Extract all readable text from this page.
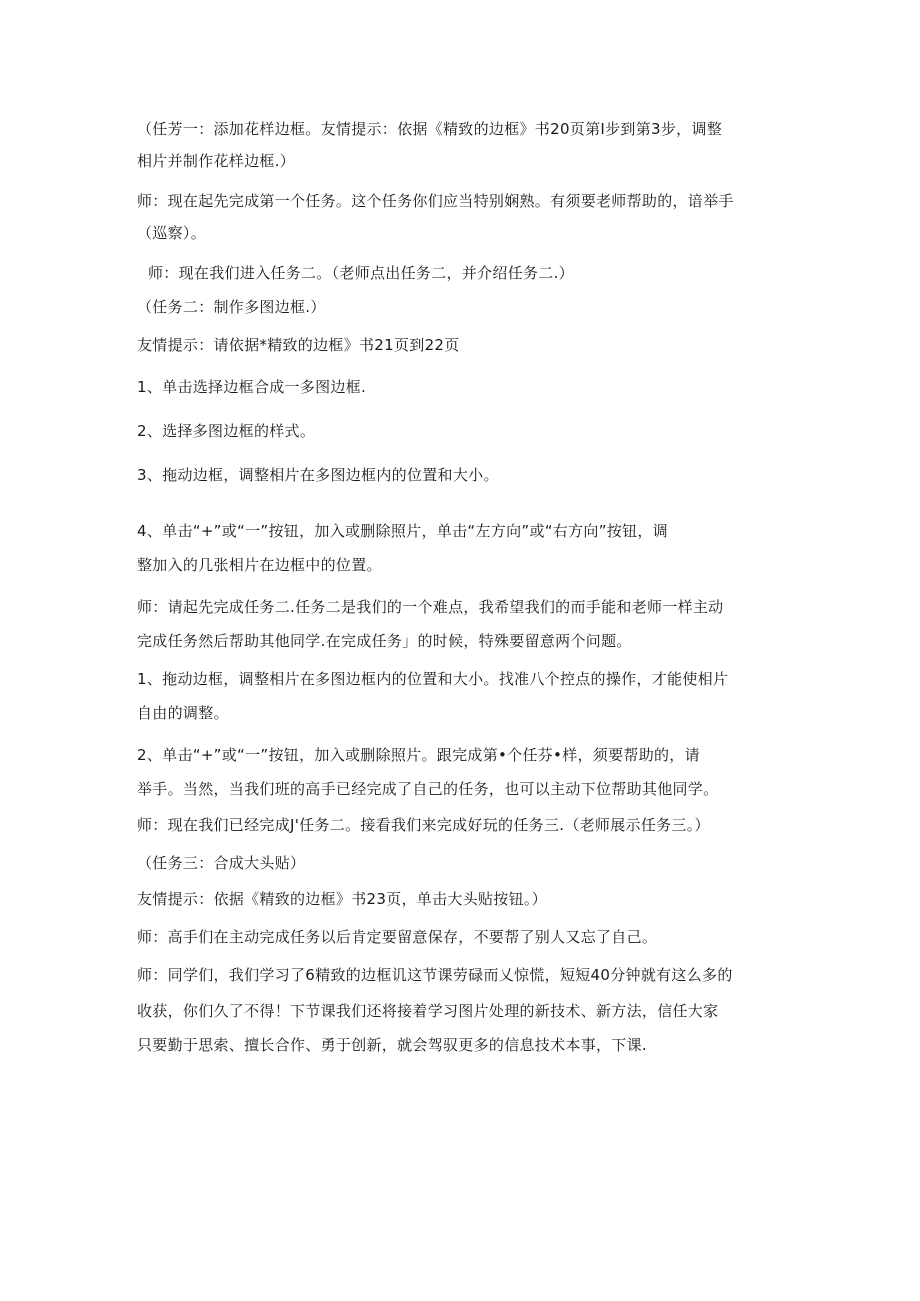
（任芳一：添加花样边框。友情提示：依据《精致的边框》书20页第I步到第3步，调整
相片并制作花样边框.）
师：现在起先完成第一个任务。这个任务你们应当特别娴熟。有须要老师帮助的，谙举手
（巡察）。
师：现在我们进入任务二。（老师点出任务二，并介绍任务二.）
（任务二：制作多图边框.）
友情提示：请依据*精致的边框》书21页到22页
1、单击选择边框合成一多图边框.
2、选择多图边框的样式。
3、拖动边框，调整相片在多图边框内的位置和大小。
4、单击“+”或“一”按钮，加入或删除照片，单击“左方向”或“右方向”按钮，调
整加入的几张相片在边框中的位置。
师：请起先完成任务二.任务二是我们的一个难点，我希望我们的而手能和老师一样主动
完成任务然后帮助其他同学.在完成任务」的时候，特殊要留意两个问题。
1、拖动边框，调整相片在多图边框内的位置和大小。找准八个控点的操作，才能使相片
自由的调整。
2、单击“+”或“一”按钮，加入或删除照片。跟完成第•个任芬•样，须要帮助的，请
举手。当然，当我们班的高手已经完成了自己的任务，也可以主动下位帮助其他同学。
师：现在我们已经完成J'任务二。接看我们来完成好玩的任务三.（老师展示任务三。）
（任务三：合成大头贴）
友情提示：依据《精致的边框》书23页，单击大头贴按钮。）
师：高手们在主动完成任务以后肯定要留意保存，不要帮了别人又忘了自己。
师：同学们，我们学习了6精致的边框讥这节课劳碌而乂惊慌，短短40分钟就有这么多的
收获，你们久了不得！下节课我们还将接着学习图片处理的新技术、新方法，信任大家
只要勤于思索、擅长合作、勇于创新，就会驾驭更多的信息技术本事，下课.
